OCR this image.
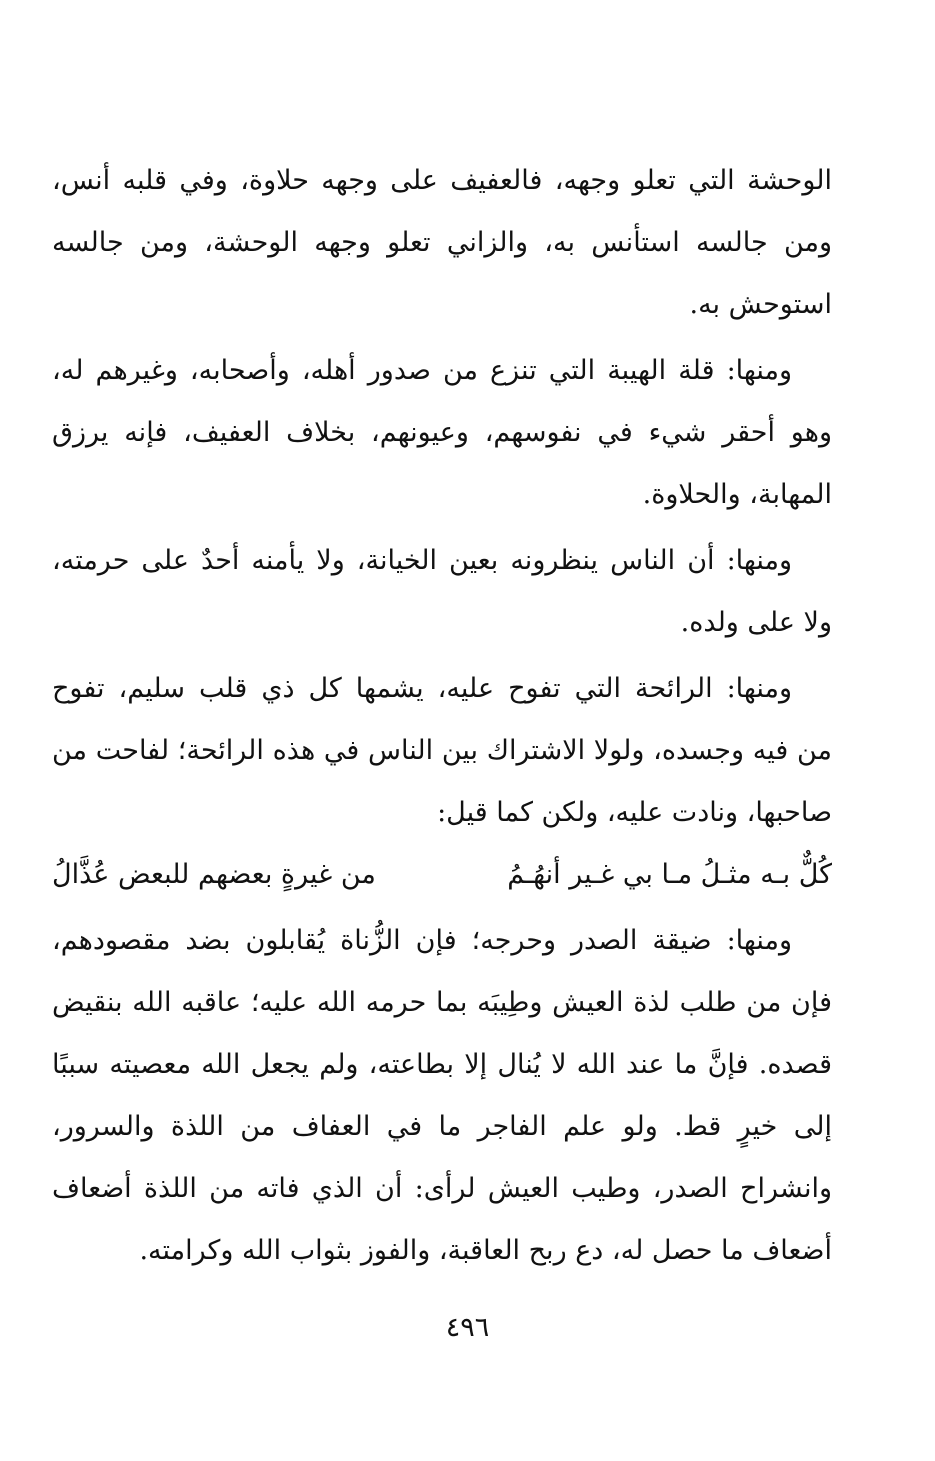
الوحشة التي تعلو وجهه، فالعفيف على وجهه حلاوة، وفي قلبه أنس،
ومن جالسه استأنس به، والزاني تعلو وجهه الوحشة، ومن جالسه
استوحش به.
ومنها: قلة الهيبة التي تنزع من صدور أهله، وأصحابه، وغيرهم له،
وهو أحقر شيء في نفوسهم، وعيونهم، بخلاف العفيف، فإنه يرزق
المهابة، والحلاوة.
ومنها: أن الناس ينظرونه بعين الخيانة، ولا يأمنه أحدٌ على حرمته،
ولا على ولده.
ومنها: الرائحة التي تفوح عليه، يشمها كل ذي قلب سليم، تفوح
من فيه وجسده، ولولا الاشتراك بين الناس في هذه الرائحة؛ لفاحت من
صاحبها، ونادت عليه، ولكن كما قيل:
كُلٌّ بـه مثـلُ مـا بي غـير أنهُـمُ
من غيرةٍ بعضهم للبعض عُذَّالُ
ومنها: ضيقة الصدر وحرجه؛ فإن الزُّناة يُقابلون بضد مقصودهم،
فإن من طلب لذة العيش وطِيبَه بما حرمه الله عليه؛ عاقبه الله بنقيض
قصده. فإنَّ ما عند الله لا يُنال إلا بطاعته، ولم يجعل الله معصيته سببًا
إلى خيرٍ قط. ولو علم الفاجر ما في العفاف من اللذة والسرور،
وانشراح الصدر، وطيب العيش لرأى: أن الذي فاته من اللذة أضعاف
أضعاف ما حصل له، دع ربح العاقبة، والفوز بثواب الله وكرامته.
٤٩٦
